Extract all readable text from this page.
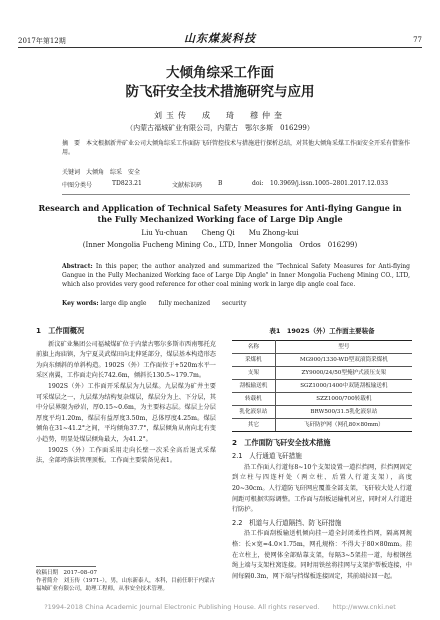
2017年第12期	山东煤炭科技	77
大倾角综采工作面
防飞矸安全技术措施研究与应用
刘玉传　成　琦　穆仲奎
（内蒙古福城矿业有限公司，内蒙古　鄂尔多斯　016299）
摘　要　本文根据新井矿业公司大倾角综采工作面防飞矸管控技术与措施进行探析总结，对其他大倾角采煤工作面安全开采有借鉴作用。
关键词　大倾角　综采　安全
中图分类号	TD823.21	文献标识码	B	doi: 10.3969/j.issn.1005–2801.2017.12.033
Research and Application of Technical Safety Measures for Anti-flying Gangue in the Fully Mechanized Working face of Large Dip Angle
Liu Yu-chuan　　Cheng Qi　　Mu Zhong-kui
(Inner Mongolia Fucheng Mining Co., LTD, Inner Mongolia　Ordos　016299)
Abstract: In this paper, the author analyzed and summarized the "Technical Safety Measures for Anti-flying Gangue in the Fully Mechanized Working face of Large Dip Angle" in Inner Mongolia Fucheng Mining CO., LTD, which also provides very good reference for other coal mining work in large dip angle coal face.
Key words: large dip angle　　fully mechanized　　security
1　工作面概况

新汶矿业集团公司福城煤矿位于内蒙古鄂尔多斯市西南鄂托克前旗上海庙镇，为宁夏灵武煤田向北伸延部分，煤层基本构造形态为向东倾斜的单斜构造。1902S（外）工作面位于+520m水平一采区南翼，工作面走向长742.6m，倾斜长130.5~179.7m。

1902S（外）工作面开采煤层为九层煤。九层煤为矿井主要可采煤层之一，九层煤为结构复杂煤层，煤层分为上、下分层，其中分层界限为砂岩，厚0.15~0.6m，为主要标志层。煤层上分层厚度平均1.20m，煤层有益厚度3.50m，总体厚度4.25m。煤层倾角在31~41.2°之间，平均倾角37.7°，煤层倾角从南向北有变小趋势，明显处煤层倾角最大，为41.2°。

1902S（外）工作面采用走向长壁一次采全高后退式采煤法，全部垮落法管理顶板。工作面主要装备见表1。

表1　1902S（外）工作面主要装备
名称	型号
采煤机	MG900/1330-WD型双滚筒采煤机
支架	ZY9000/24/50型掩护式液压支架
刮板输送机	SGZ1000/1400中双链刮板输送机
转载机	SZZ1000/700转载机
乳化液泵站	BRW500/31.5乳化液泵站
其它	飞矸防护网（网孔80×80mm）
2　工作面防飞矸安全技术措施
2.1　人行通道飞矸措施

沿工作面人行道每8~10个支架设置一道拦挡网，拦挡网固定到立柱与四连杆处（两立柱、后置人行道支架），高度20~30cm。人行道防飞矸网应覆盖全部支架，飞矸较大处人行道间距可根据实际调整。工作面与刮板运输机对应，同时对人行道进行防护。

2.2　机道与人行道隔挡、防飞矸措施

沿工作面刮板输送机倾向挂一道全封闭柔性挡网，隔离网规格：长×宽=4.0×1.75m，网孔规格：不得大于80×80mm。挂在立柱上，使网体全部贴靠支架，每隔3~5架挂一道，每根钢丝绳上端与支架柱窝连接。同时用铁丝将挂网与支架护帮板连接，中间每隔0.3m，网下端与挡煤板连接固定，其前端拉回一起。

收稿日期　2017–08–07
作者简介　刘玉传（1971–），男，山东新泰人，本科，目前任职于内蒙古福城矿业有限公司，助理工程师，从事安全技术管理。
?1994-2018 China Academic Journal Electronic Publishing House. All rights reserved.　　http://www.cnki.net
